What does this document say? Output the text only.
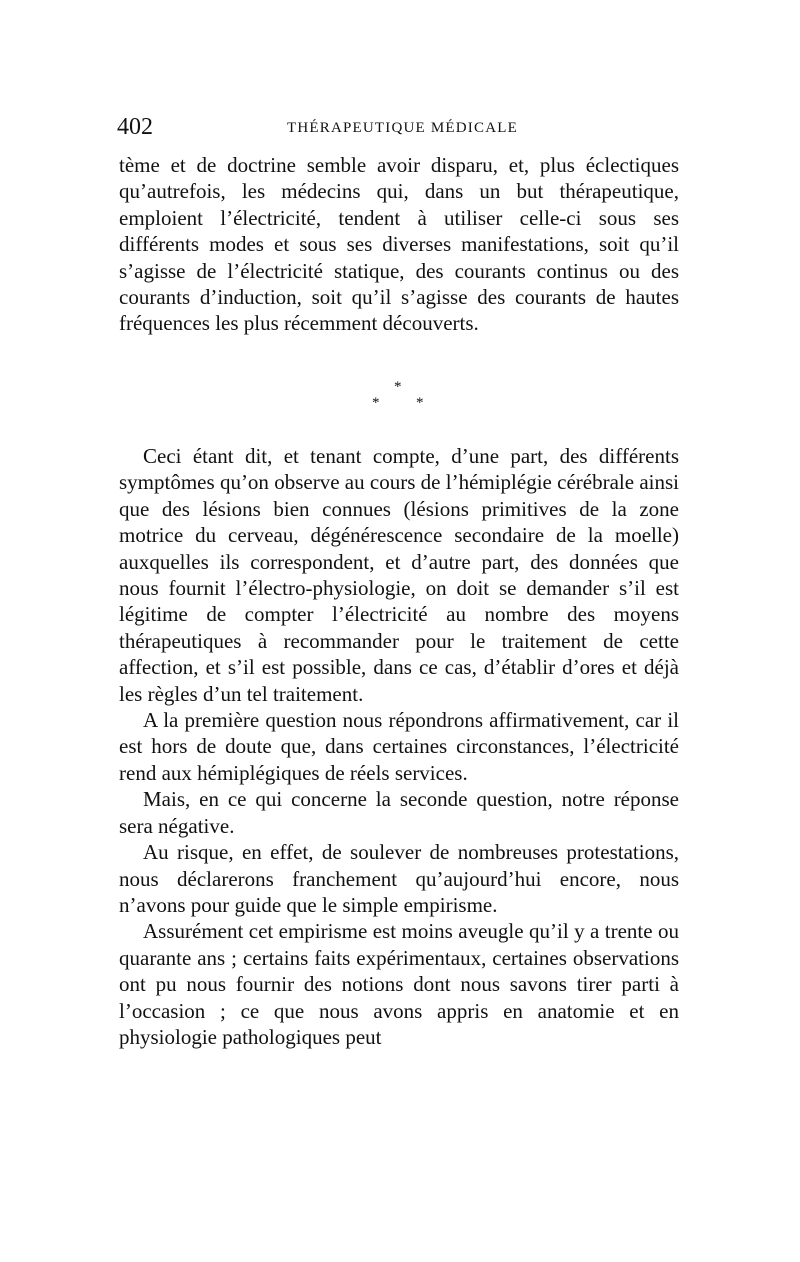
402	THÉRAPEUTIQUE MÉDICALE

tème et de doctrine semble avoir disparu, et, plus éclectiques qu’autrefois, les médecins qui, dans un but thérapeutique, emploient l’électricité, tendent à utiliser celle-ci sous ses différents modes et sous ses diverses manifestations, soit qu’il s’agisse de l’électricité statique, des courants continus ou des courants d’induction, soit qu’il s’agisse des courants de hautes fréquences les plus récemment découverts.

*
* *

Ceci étant dit, et tenant compte, d’une part, des différents symptômes qu’on observe au cours de l’hémiplégie cérébrale ainsi que des lésions bien connues (lésions primitives de la zone motrice du cerveau, dégénérescence secondaire de la moelle) auxquelles ils correspondent, et d’autre part, des données que nous fournit l’électro-physiologie, on doit se demander s’il est légitime de compter l’électricité au nombre des moyens thérapeutiques à recommander pour le traitement de cette affection, et s’il est possible, dans ce cas, d’établir d’ores et déjà les règles d’un tel traitement.

A la première question nous répondrons affirmativement, car il est hors de doute que, dans certaines circonstances, l’électricité rend aux hémiplégiques de réels services.

Mais, en ce qui concerne la seconde question, notre réponse sera négative.

Au risque, en effet, de soulever de nombreuses protestations, nous déclarerons franchement qu’aujourd’hui encore, nous n’avons pour guide que le simple empirisme.

Assurément cet empirisme est moins aveugle qu’il y a trente ou quarante ans ; certains faits expérimentaux, certaines observations ont pu nous fournir des notions dont nous savons tirer parti à l’occasion ; ce que nous avons appris en anatomie et en physiologie pathologiques peut
